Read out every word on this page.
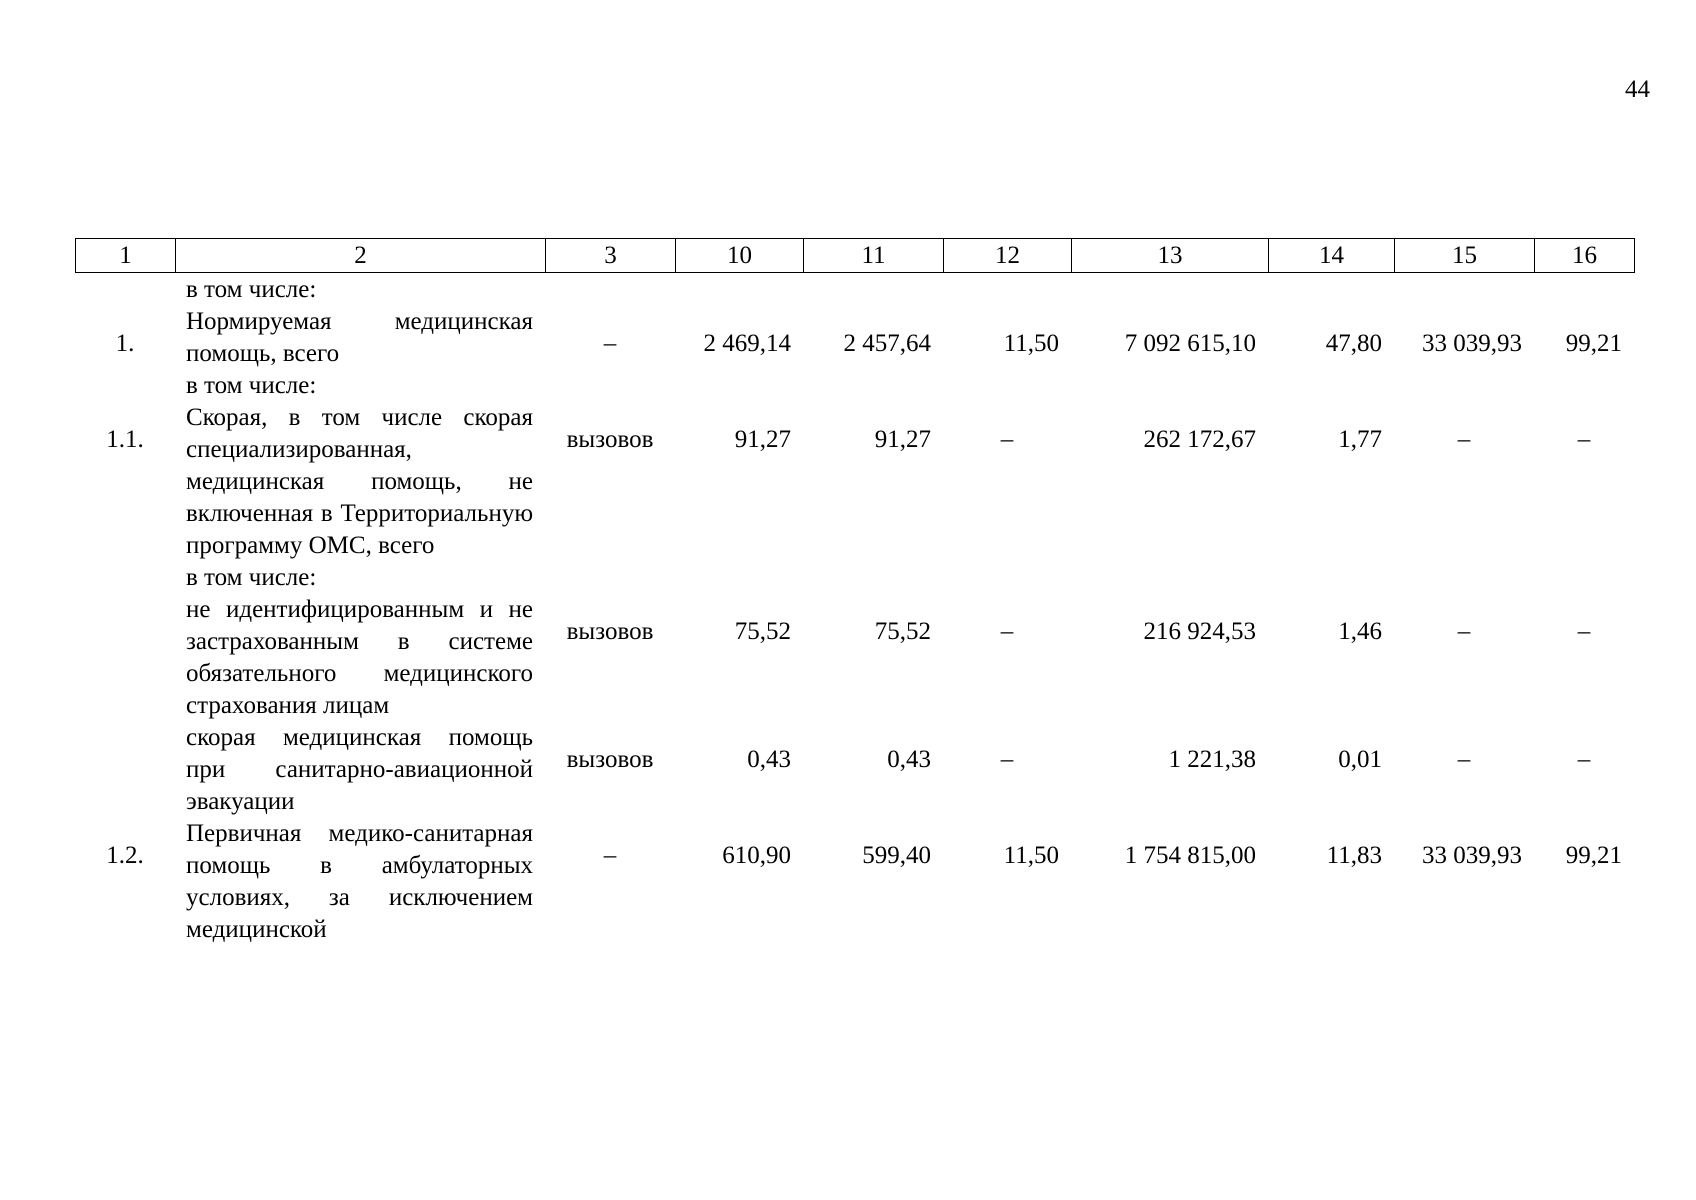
44
1	2	3	10	11	12	13	14	15	16
	в том числе:								
1.	Нормируемая медицинская помощь, всего	–	2 469,14	2 457,64	11,50	7 092 615,10	47,80	33 039,93	99,21
	в том числе:								
1.1.	Скорая, в том числе скорая специализированная, медицинская помощь, не включенная в Территориальную программу ОМС, всего	вызовов	91,27	91,27	–	262 172,67	1,77	–	–
	в том числе:								
	не идентифицированным и не застрахованным в системе обязательного медицинского страхования лицам	вызовов	75,52	75,52	–	216 924,53	1,46	–	–
	скорая медицинская помощь при санитарно-авиационной эвакуации	вызовов	0,43	0,43	–	1 221,38	0,01	–	–
1.2.	Первичная медико-санитарная помощь в амбулаторных условиях, за исключением медицинской	–	610,90	599,40	11,50	1 754 815,00	11,83	33 039,93	99,21
